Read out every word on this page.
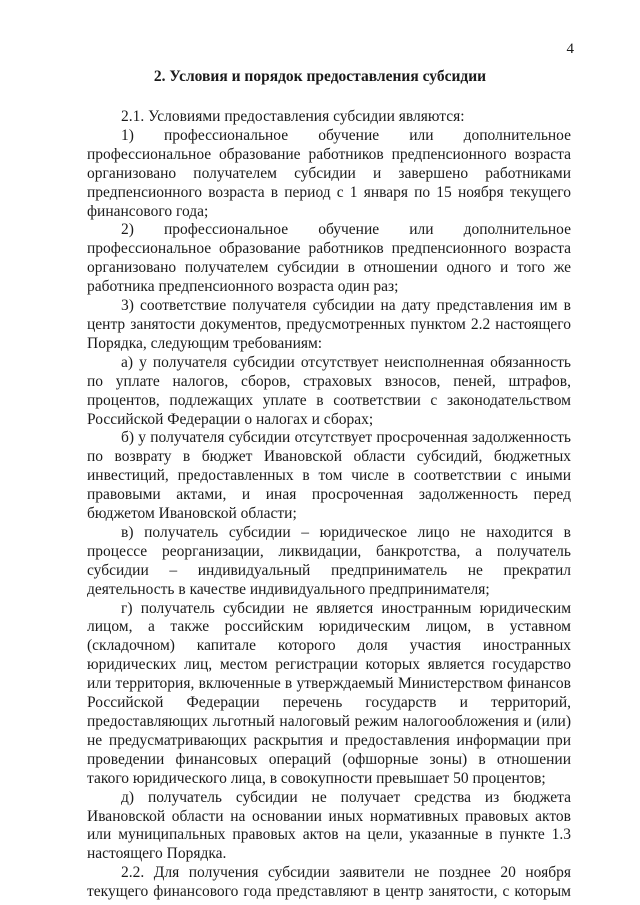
4
2. Условия и порядок предоставления субсидии

2.1. Условиями предоставления субсидии являются:

1) профессиональное обучение или дополнительное профессиональное образование работников предпенсионного возраста организовано получателем субсидии и завершено работниками предпенсионного возраста в период с 1 января по 15 ноября текущего финансового года;

2) профессиональное обучение или дополнительное профессиональное образование работников предпенсионного возраста организовано получателем субсидии в отношении одного и того же работника предпенсионного возраста один раз;

3) соответствие получателя субсидии на дату представления им в центр занятости документов, предусмотренных пунктом 2.2 настоящего Порядка, следующим требованиям:

а) у получателя субсидии отсутствует неисполненная обязанность по уплате налогов, сборов, страховых взносов, пеней, штрафов, процентов, подлежащих уплате в соответствии с законодательством Российской Федерации о налогах и сборах;

б) у получателя субсидии отсутствует просроченная задолженность по возврату в бюджет Ивановской области субсидий, бюджетных инвестиций, предоставленных в том числе в соответствии с иными правовыми актами, и иная просроченная задолженность перед бюджетом Ивановской области;

в) получатель субсидии – юридическое лицо не находится в процессе реорганизации, ликвидации, банкротства, а получатель субсидии – индивидуальный предприниматель не прекратил деятельность в качестве индивидуального предпринимателя;

г) получатель субсидии не является иностранным юридическим лицом, а также российским юридическим лицом, в уставном (складочном) капитале которого доля участия иностранных юридических лиц, местом регистрации которых является государство или территория, включенные в утверждаемый Министерством финансов Российской Федерации перечень государств и территорий, предоставляющих льготный налоговый режим налогообложения и (или) не предусматривающих раскрытия и предоставления информации при проведении финансовых операций (офшорные зоны) в отношении такого юридического лица, в совокупности превышает 50 процентов;

д) получатель субсидии не получает средства из бюджета Ивановской области на основании иных нормативных правовых актов или муниципальных правовых актов на цели, указанные в пункте 1.3 настоящего Порядка.

2.2. Для получения субсидии заявители не позднее 20 ноября текущего финансового года представляют в центр занятости, с которым
